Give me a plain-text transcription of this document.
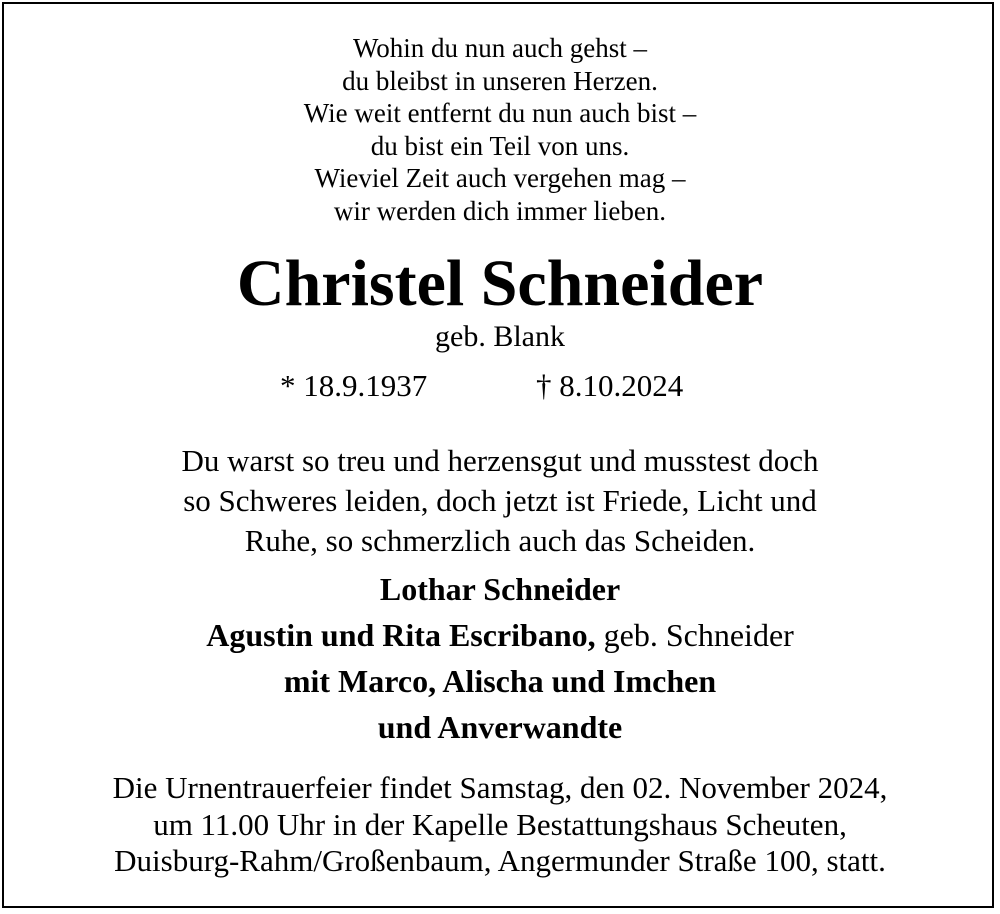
Wohin du nun auch gehst –
du bleibst in unseren Herzen.
Wie weit entfernt du nun auch bist –
du bist ein Teil von uns.
Wieviel Zeit auch vergehen mag –
wir werden dich immer lieben.
Christel Schneider
geb. Blank
* 18.9.1937	† 8.10.2024
Du warst so treu und herzensgut und musstest doch
so Schweres leiden, doch jetzt ist Friede, Licht und
Ruhe, so schmerzlich auch das Scheiden.
Lothar Schneider
Agustin und Rita Escribano, geb. Schneider
mit Marco, Alischa und Imchen
und Anverwandte
Die Urnentrauerfeier findet Samstag, den 02. November 2024,
um 11.00 Uhr in der Kapelle Bestattungshaus Scheuten,
Duisburg-Rahm/Großenbaum, Angermunder Straße 100, statt.
